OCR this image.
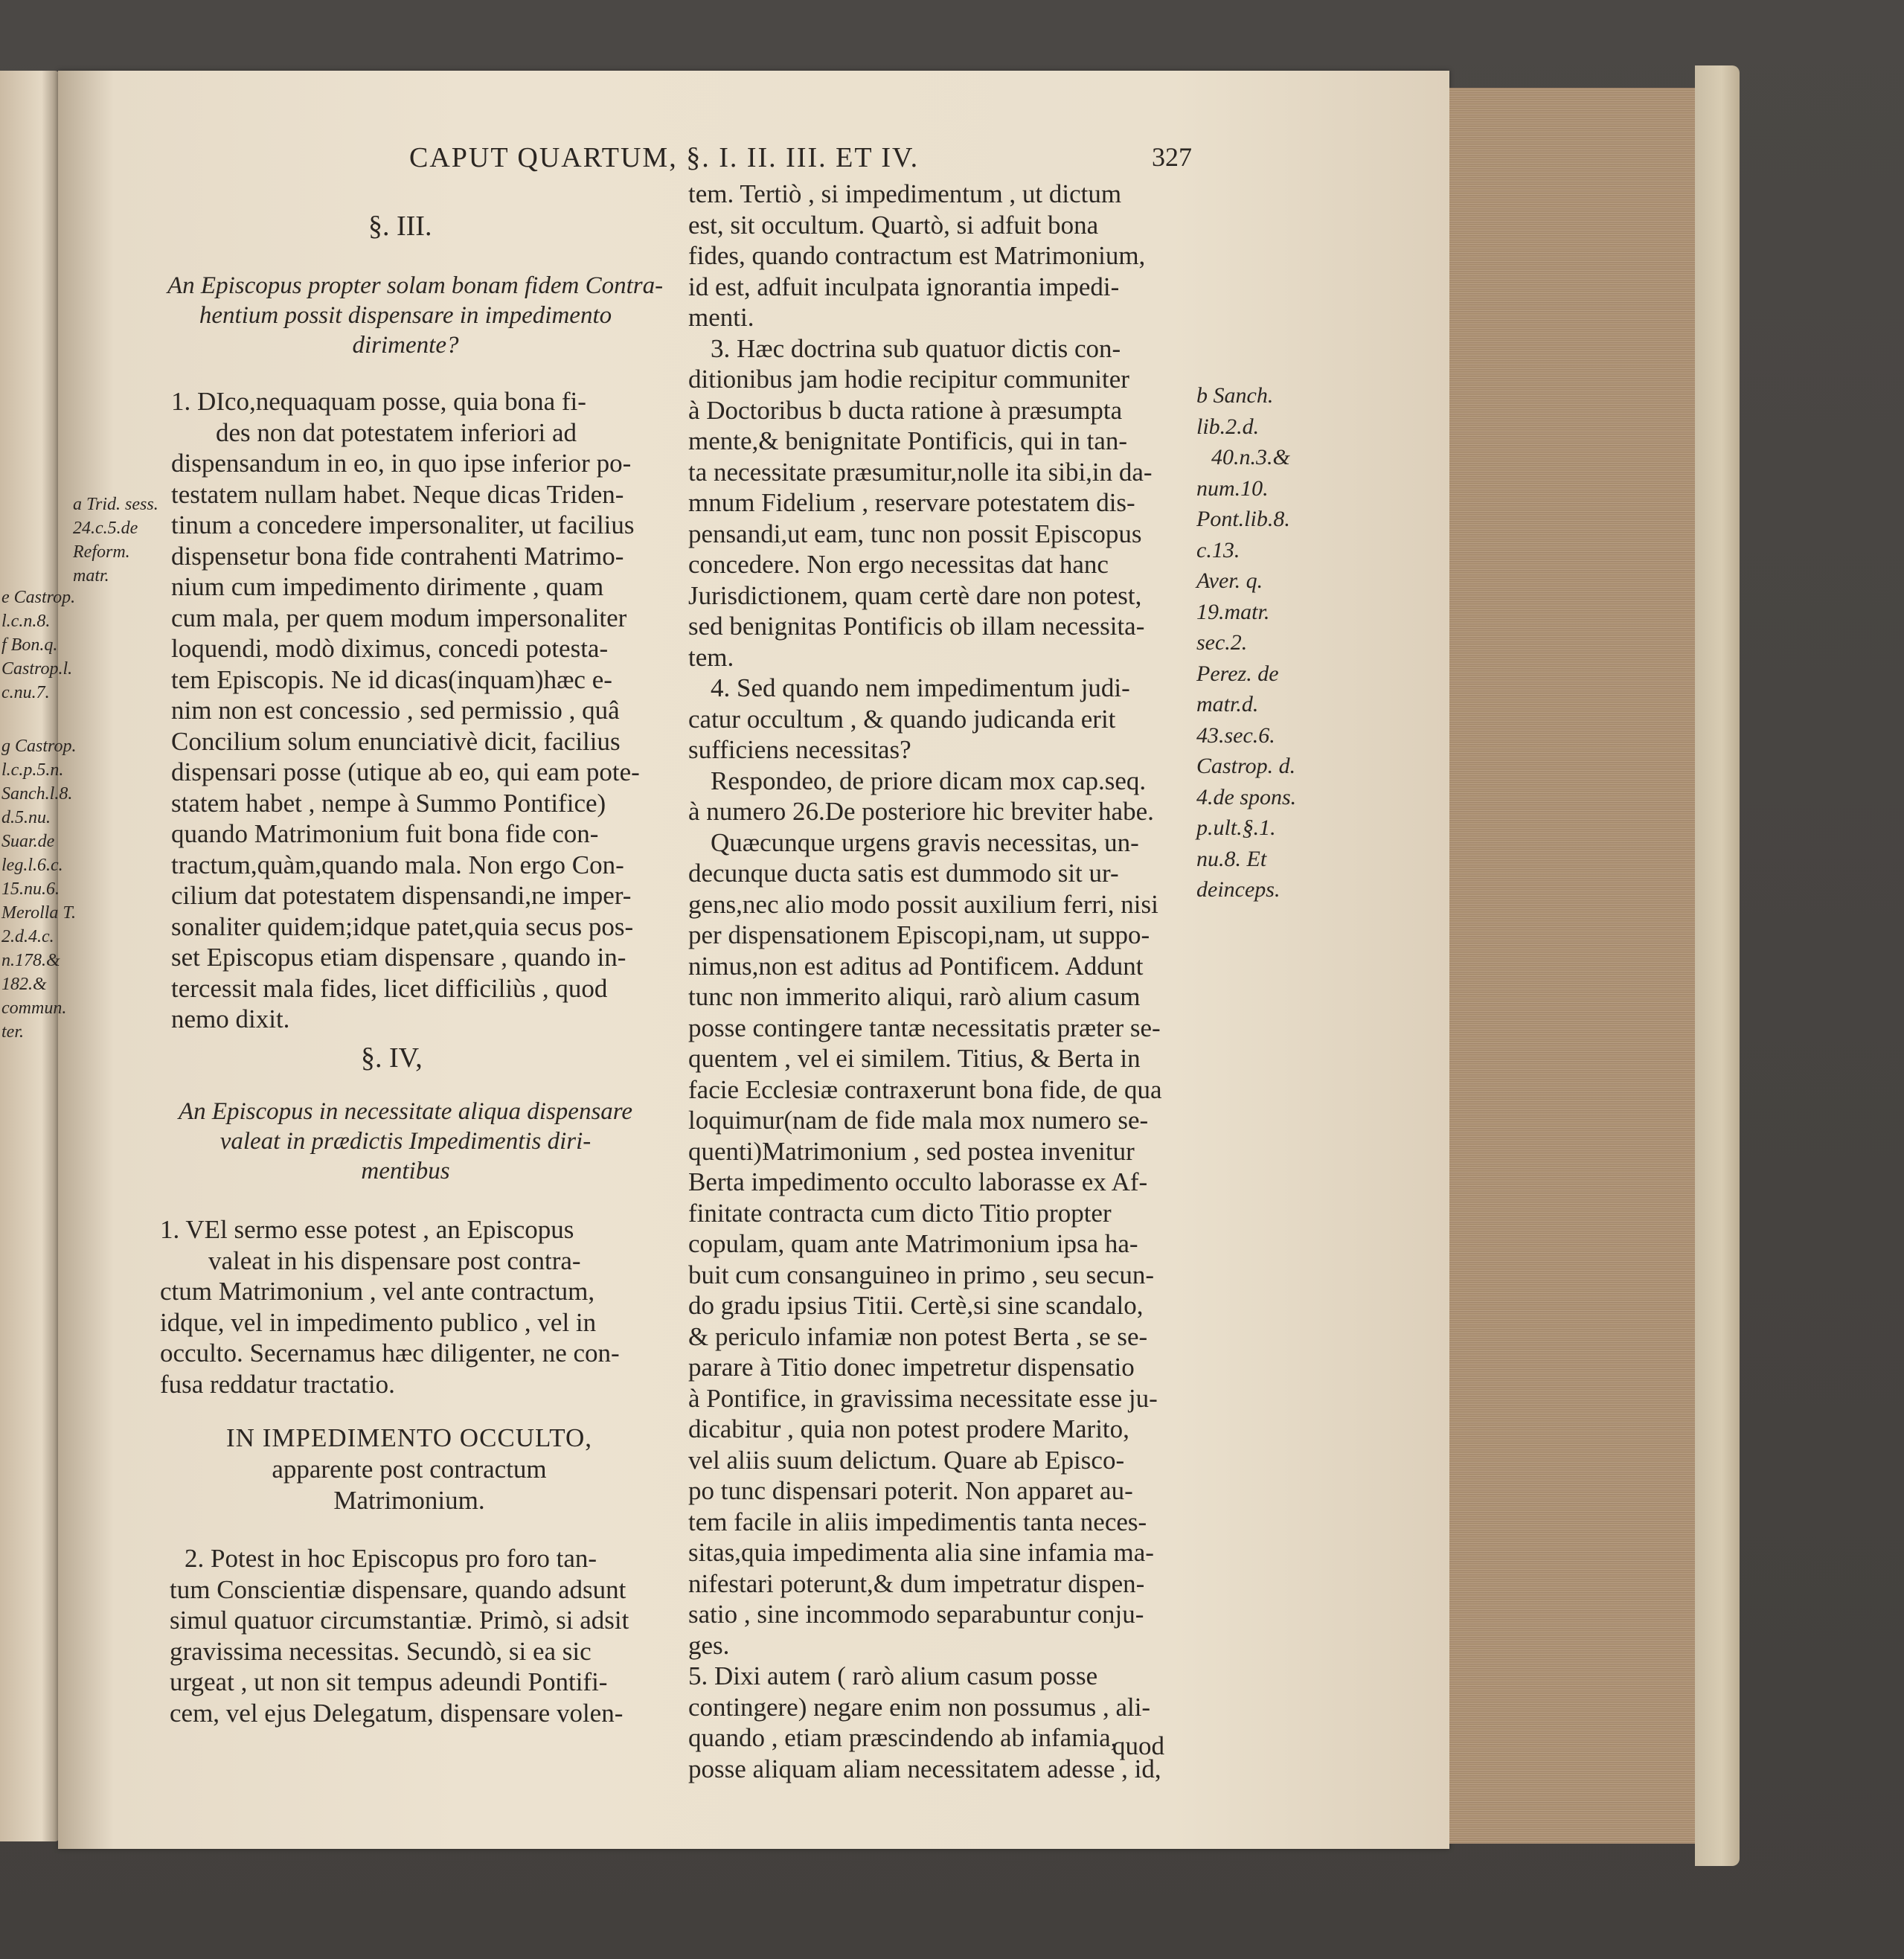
CAPUT QUARTUM, §. I. II. III. ET IV.	327
e Castrop.
l.c.n.8.
f Bon.q.
Castrop.l.
c.nu.7.
g Castrop.
l.c.p.5.n.
Sanch.l.8.
d.5.nu.
Suar.de
leg.l.6.c.
15.nu.6.
Merolla T.
2.d.4.c.
n.178.&
182.&
commun.
ter.
§. III.
An Episcopus propter solam bonam fidem Contra-
hentium possit dispensare in impedimento
dirimente?
1. DIco,nequaquam posse, quia bona fi-
des non dat potestatem inferiori ad
dispensandum in eo, in quo ipse inferior po-
testatem nullam habet. Neque dicas Triden-
tinum a concedere impersonaliter, ut facilius
dispensetur bona fide contrahenti Matrimo-
nium cum impedimento dirimente , quam
cum mala, per quem modum impersonaliter
loquendi, modò diximus, concedi potesta-
tem Episcopis. Ne id dicas(inquam)hæc e-
nim non est concessio , sed permissio , quâ
Concilium solum enunciativè dicit, facilius
dispensari posse (utique ab eo, qui eam pote-
statem habet , nempe à Summo Pontifice)
quando Matrimonium fuit bona fide con-
tractum,quàm,quando mala. Non ergo Con-
cilium dat potestatem dispensandi,ne imper-
sonaliter quidem;idque patet,quia secus pos-
set Episcopus etiam dispensare , quando in-
tercessit mala fides, licet difficiliùs , quod
nemo dixit.
a Trid. sess.
24.c.5.de
Reform.
matr.
§. IV,
An Episcopus in necessitate aliqua dispensare
valeat in prædictis Impedimentis diri-
mentibus
1. VEl sermo esse potest , an Episcopus
valeat in his dispensare post contra-
ctum Matrimonium , vel ante contractum,
idque, vel in impedimento publico , vel in
occulto. Secernamus hæc diligenter, ne con-
fusa reddatur tractatio.
IN IMPEDIMENTO OCCULTO,
apparente post contractum
Matrimonium.
2. Potest in hoc Episcopus pro foro tan-
tum Conscientiæ dispensare, quando adsunt
simul quatuor circumstantiæ. Primò, si adsit
gravissima necessitas. Secundò, si ea sic
urgeat , ut non sit tempus adeundi Pontifi-
cem, vel ejus Delegatum, dispensare volen-
tem. Tertiò , si impedimentum , ut dictum
est, sit occultum. Quartò, si adfuit bona
fides, quando contractum est Matrimonium,
id est, adfuit inculpata ignorantia impedi-
menti.
3. Hæc doctrina sub quatuor dictis con-
ditionibus jam hodie recipitur communiter
à Doctoribus b ducta ratione à præsumpta
mente,& benignitate Pontificis, qui in tan-
ta necessitate præsumitur,nolle ita sibi,in da-
mnum Fidelium , reservare potestatem dis-
pensandi,ut eam, tunc non possit Episcopus
concedere. Non ergo necessitas dat hanc
Jurisdictionem, quam certè dare non potest,
sed benignitas Pontificis ob illam necessita-
tem.
4. Sed quando nem impedimentum judi-
catur occultum , & quando judicanda erit
sufficiens necessitas?
Respondeo, de priore dicam mox cap.seq.
à numero 26.De posteriore hic breviter habe.
Quæcunque urgens gravis necessitas, un-
decunque ducta satis est dummodo sit ur-
gens,nec alio modo possit auxilium ferri, nisi
per dispensationem Episcopi,nam, ut suppo-
nimus,non est aditus ad Pontificem. Addunt
tunc non immerito aliqui, rarò alium casum
posse contingere tantæ necessitatis præter se-
quentem , vel ei similem. Titius, & Berta in
facie Ecclesiæ contraxerunt bona fide, de qua
loquimur(nam de fide mala mox numero se-
quenti)Matrimonium , sed postea invenitur
Berta impedimento occulto laborasse ex Af-
finitate contracta cum dicto Titio propter
copulam, quam ante Matrimonium ipsa ha-
buit cum consanguineo in primo , seu secun-
do gradu ipsius Titii. Certè,si sine scandalo,
& periculo infamiæ non potest Berta , se se-
parare à Titio donec impetretur dispensatio
à Pontifice, in gravissima necessitate esse ju-
dicabitur , quia non potest prodere Marito,
vel aliis suum delictum. Quare ab Episco-
po tunc dispensari poterit. Non apparet au-
tem facile in aliis impedimentis tanta neces-
sitas,quia impedimenta alia sine infamia ma-
nifestari poterunt,& dum impetratur dispen-
satio , sine incommodo separabuntur conju-
ges.
5. Dixi autem ( rarò alium casum posse
contingere) negare enim non possumus , ali-
quando , etiam præscindendo ab infamia,
posse aliquam aliam necessitatem adesse , id,
quod
b Sanch.
lib.2.d.
40.n.3.&
num.10.
Pont.lib.8.
c.13.
Aver. q.
19.matr.
sec.2.
Perez. de
matr.d.
43.sec.6.
Castrop. d.
4.de spons.
p.ult.§.1.
nu.8. Et
deinceps.
